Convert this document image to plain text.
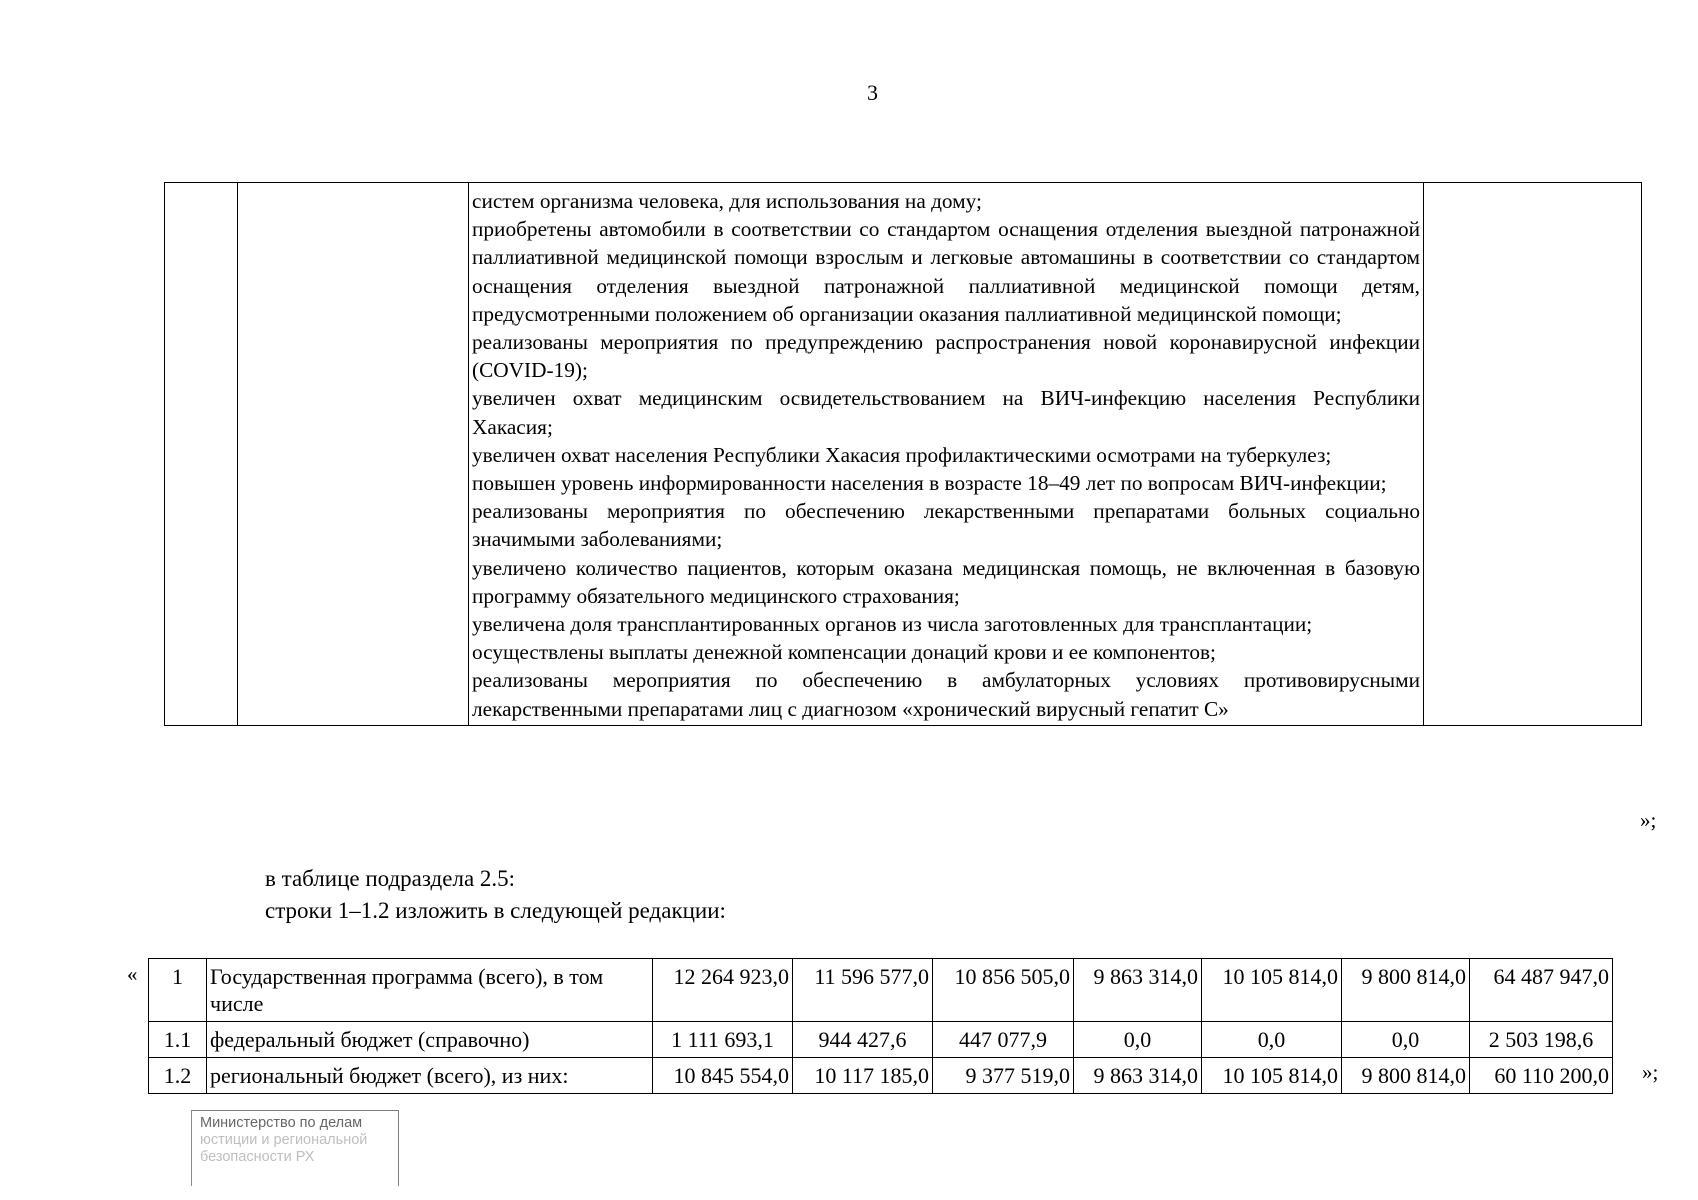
3

систем организма человека, для использования на дому;
приобретены автомобили в соответствии со стандартом оснащения отделения выездной патронажной паллиативной медицинской помощи взрослым и легковые автомашины в соответствии со стандартом оснащения отделения выездной патронажной паллиативной медицинской помощи детям, предусмотренными положением об организации оказания паллиативной медицинской помощи;
реализованы мероприятия по предупреждению распространения новой коронавирусной инфекции (COVID-19);
увеличен охват медицинским освидетельствованием на ВИЧ-инфекцию населения Республики Хакасия;
увеличен охват населения Республики Хакасия профилактическими осмотрами на туберкулез;
повышен уровень информированности населения в возрасте 18–49 лет по вопросам ВИЧ-инфекции;
реализованы мероприятия по обеспечению лекарственными препаратами больных социально значимыми заболеваниями;
увеличено количество пациентов, которым оказана медицинская помощь, не включенная в базовую программу обязательного медицинского страхования;
увеличена доля трансплантированных органов из числа заготовленных для трансплантации;
осуществлены выплаты денежной компенсации донаций крови и ее компонентов;
реализованы мероприятия по обеспечению в амбулаторных условиях противовирусными лекарственными препаратами лиц с диагнозом «хронический вирусный гепатит С»

»;
в таблице подраздела 2.5:
строки 1–1.2 изложить в следующей редакции:
« 1	Государственная программа (всего), в том числе	12 264 923,0	11 596 577,0	10 856 505,0	9 863 314,0	10 105 814,0	9 800 814,0	64 487 947,0
1.1	федеральный бюджет (справочно)	1 111 693,1	944 427,6	447 077,9	0,0	0,0	0,0	2 503 198,6
1.2	региональный бюджет (всего), из них:	10 845 554,0	10 117 185,0	9 377 519,0	9 863 314,0	10 105 814,0	9 800 814,0	60 110 200,0 »;
Министерство по делам
юстиции и региональной
безопасности РХ
